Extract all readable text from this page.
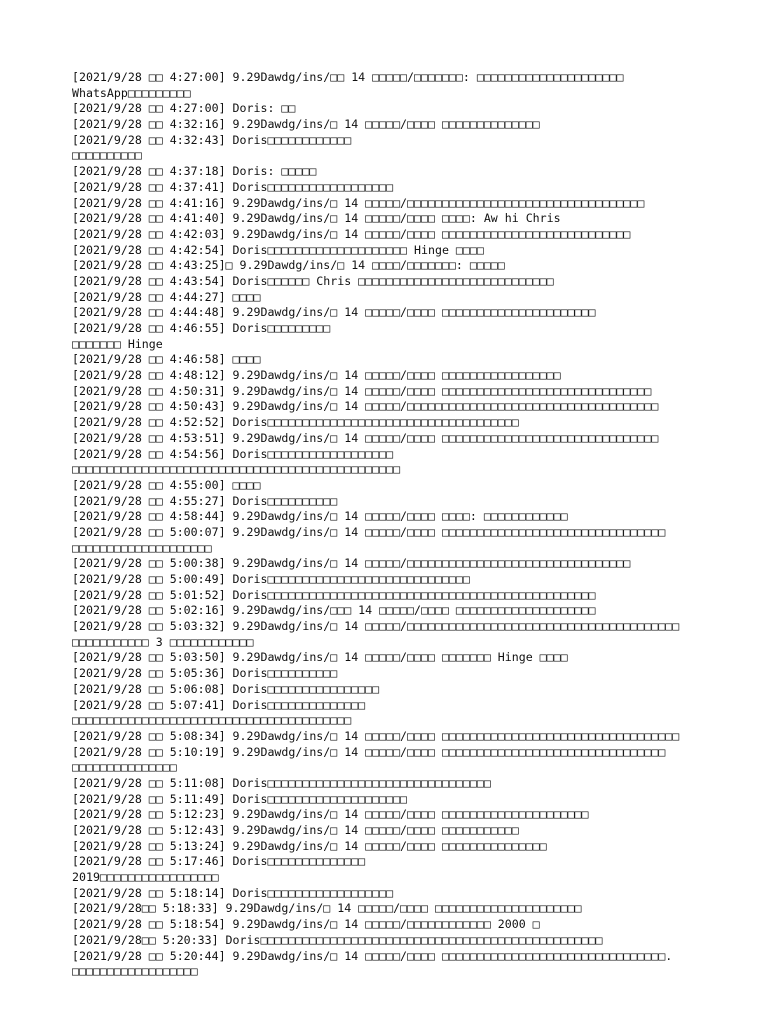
[2021/9/28 □□ 4:27:00] 9.29Dawdg/ins/□□ 14 □□□□□/□□□□□□□: □□□□□□□□□□□□□□□□□□□□□
WhatsApp□□□□□□□□□
[2021/9/28 □□ 4:27:00] Doris: □□
[2021/9/28 □□ 4:32:16] 9.29Dawdg/ins/□ 14 □□□□□/□□□□ □□□□□□□□□□□□□□
[2021/9/28 □□ 4:32:43] Doris□□□□□□□□□□□□
□□□□□□□□□□
[2021/9/28 □□ 4:37:18] Doris: □□□□□
[2021/9/28 □□ 4:37:41] Doris□□□□□□□□□□□□□□□□□□
[2021/9/28 □□ 4:41:16] 9.29Dawdg/ins/□ 14 □□□□□/□□□□□□□□□□□□□□□□□□□□□□□□□□□□□□□□□□
[2021/9/28 □□ 4:41:40] 9.29Dawdg/ins/□ 14 □□□□□/□□□□ □□□□: Aw hi Chris
[2021/9/28 □□ 4:42:03] 9.29Dawdg/ins/□ 14 □□□□□/□□□□ □□□□□□□□□□□□□□□□□□□□□□□□□□□
[2021/9/28 □□ 4:42:54] Doris□□□□□□□□□□□□□□□□□□□□ Hinge □□□□
[2021/9/28 □□ 4:43:25]□ 9.29Dawdg/ins/□ 14 □□□□/□□□□□□□: □□□□□
[2021/9/28 □□ 4:43:54] Doris□□□□□□ Chris □□□□□□□□□□□□□□□□□□□□□□□□□□□□
[2021/9/28 □□ 4:44:27] □□□□
[2021/9/28 □□ 4:44:48] 9.29Dawdg/ins/□ 14 □□□□□/□□□□ □□□□□□□□□□□□□□□□□□□□□□
[2021/9/28 □□ 4:46:55] Doris□□□□□□□□□
□□□□□□□ Hinge
[2021/9/28 □□ 4:46:58] □□□□
[2021/9/28 □□ 4:48:12] 9.29Dawdg/ins/□ 14 □□□□□/□□□□ □□□□□□□□□□□□□□□□□
[2021/9/28 □□ 4:50:31] 9.29Dawdg/ins/□ 14 □□□□□/□□□□ □□□□□□□□□□□□□□□□□□□□□□□□□□□□□□
[2021/9/28 □□ 4:50:43] 9.29Dawdg/ins/□ 14 □□□□□/□□□□□□□□□□□□□□□□□□□□□□□□□□□□□□□□□□□□
[2021/9/28 □□ 4:52:52] Doris□□□□□□□□□□□□□□□□□□□□□□□□□□□□□□□□□□□□
[2021/9/28 □□ 4:53:51] 9.29Dawdg/ins/□ 14 □□□□□/□□□□ □□□□□□□□□□□□□□□□□□□□□□□□□□□□□□□
[2021/9/28 □□ 4:54:56] Doris□□□□□□□□□□□□□□□□□□
□□□□□□□□□□□□□□□□□□□□□□□□□□□□□□□□□□□□□□□□□□□□□□□
[2021/9/28 □□ 4:55:00] □□□□
[2021/9/28 □□ 4:55:27] Doris□□□□□□□□□□
[2021/9/28 □□ 4:58:44] 9.29Dawdg/ins/□ 14 □□□□□/□□□□ □□□□: □□□□□□□□□□□□
[2021/9/28 □□ 5:00:07] 9.29Dawdg/ins/□ 14 □□□□□/□□□□ □□□□□□□□□□□□□□□□□□□□□□□□□□□□□□□□
□□□□□□□□□□□□□□□□□□□□
[2021/9/28 □□ 5:00:38] 9.29Dawdg/ins/□ 14 □□□□□/□□□□□□□□□□□□□□□□□□□□□□□□□□□□□□□□
[2021/9/28 □□ 5:00:49] Doris□□□□□□□□□□□□□□□□□□□□□□□□□□□□□
[2021/9/28 □□ 5:01:52] Doris□□□□□□□□□□□□□□□□□□□□□□□□□□□□□□□□□□□□□□□□□□□□□□□
[2021/9/28 □□ 5:02:16] 9.29Dawdg/ins/□□□ 14 □□□□□/□□□□ □□□□□□□□□□□□□□□□□□□□
[2021/9/28 □□ 5:03:32] 9.29Dawdg/ins/□ 14 □□□□□/□□□□□□□□□□□□□□□□□□□□□□□□□□□□□□□□□□□□□□□
□□□□□□□□□□□ 3 □□□□□□□□□□□□
[2021/9/28 □□ 5:03:50] 9.29Dawdg/ins/□ 14 □□□□□/□□□□ □□□□□□□ Hinge □□□□
[2021/9/28 □□ 5:05:36] Doris□□□□□□□□□□
[2021/9/28 □□ 5:06:08] Doris□□□□□□□□□□□□□□□□
[2021/9/28 □□ 5:07:41] Doris□□□□□□□□□□□□□□
□□□□□□□□□□□□□□□□□□□□□□□□□□□□□□□□□□□□□□□□
[2021/9/28 □□ 5:08:34] 9.29Dawdg/ins/□ 14 □□□□□/□□□□ □□□□□□□□□□□□□□□□□□□□□□□□□□□□□□□□□□
[2021/9/28 □□ 5:10:19] 9.29Dawdg/ins/□ 14 □□□□□/□□□□ □□□□□□□□□□□□□□□□□□□□□□□□□□□□□□□□
□□□□□□□□□□□□□□□
[2021/9/28 □□ 5:11:08] Doris□□□□□□□□□□□□□□□□□□□□□□□□□□□□□□□□
[2021/9/28 □□ 5:11:49] Doris□□□□□□□□□□□□□□□□□□□□
[2021/9/28 □□ 5:12:23] 9.29Dawdg/ins/□ 14 □□□□□/□□□□ □□□□□□□□□□□□□□□□□□□□□
[2021/9/28 □□ 5:12:43] 9.29Dawdg/ins/□ 14 □□□□□/□□□□ □□□□□□□□□□□
[2021/9/28 □□ 5:13:24] 9.29Dawdg/ins/□ 14 □□□□□/□□□□ □□□□□□□□□□□□□□□
[2021/9/28 □□ 5:17:46] Doris□□□□□□□□□□□□□□
2019□□□□□□□□□□□□□□□□□
[2021/9/28 □□ 5:18:14] Doris□□□□□□□□□□□□□□□□□□
[2021/9/28□□ 5:18:33] 9.29Dawdg/ins/□ 14 □□□□□/□□□□ □□□□□□□□□□□□□□□□□□□□□
[2021/9/28 □□ 5:18:54] 9.29Dawdg/ins/□ 14 □□□□□/□□□□□□□□□□□□ 2000 □
[2021/9/28□□ 5:20:33] Doris□□□□□□□□□□□□□□□□□□□□□□□□□□□□□□□□□□□□□□□□□□□□□□□□□
[2021/9/28 □□ 5:20:44] 9.29Dawdg/ins/□ 14 □□□□□/□□□□ □□□□□□□□□□□□□□□□□□□□□□□□□□□□□□□□.
□□□□□□□□□□□□□□□□□□
